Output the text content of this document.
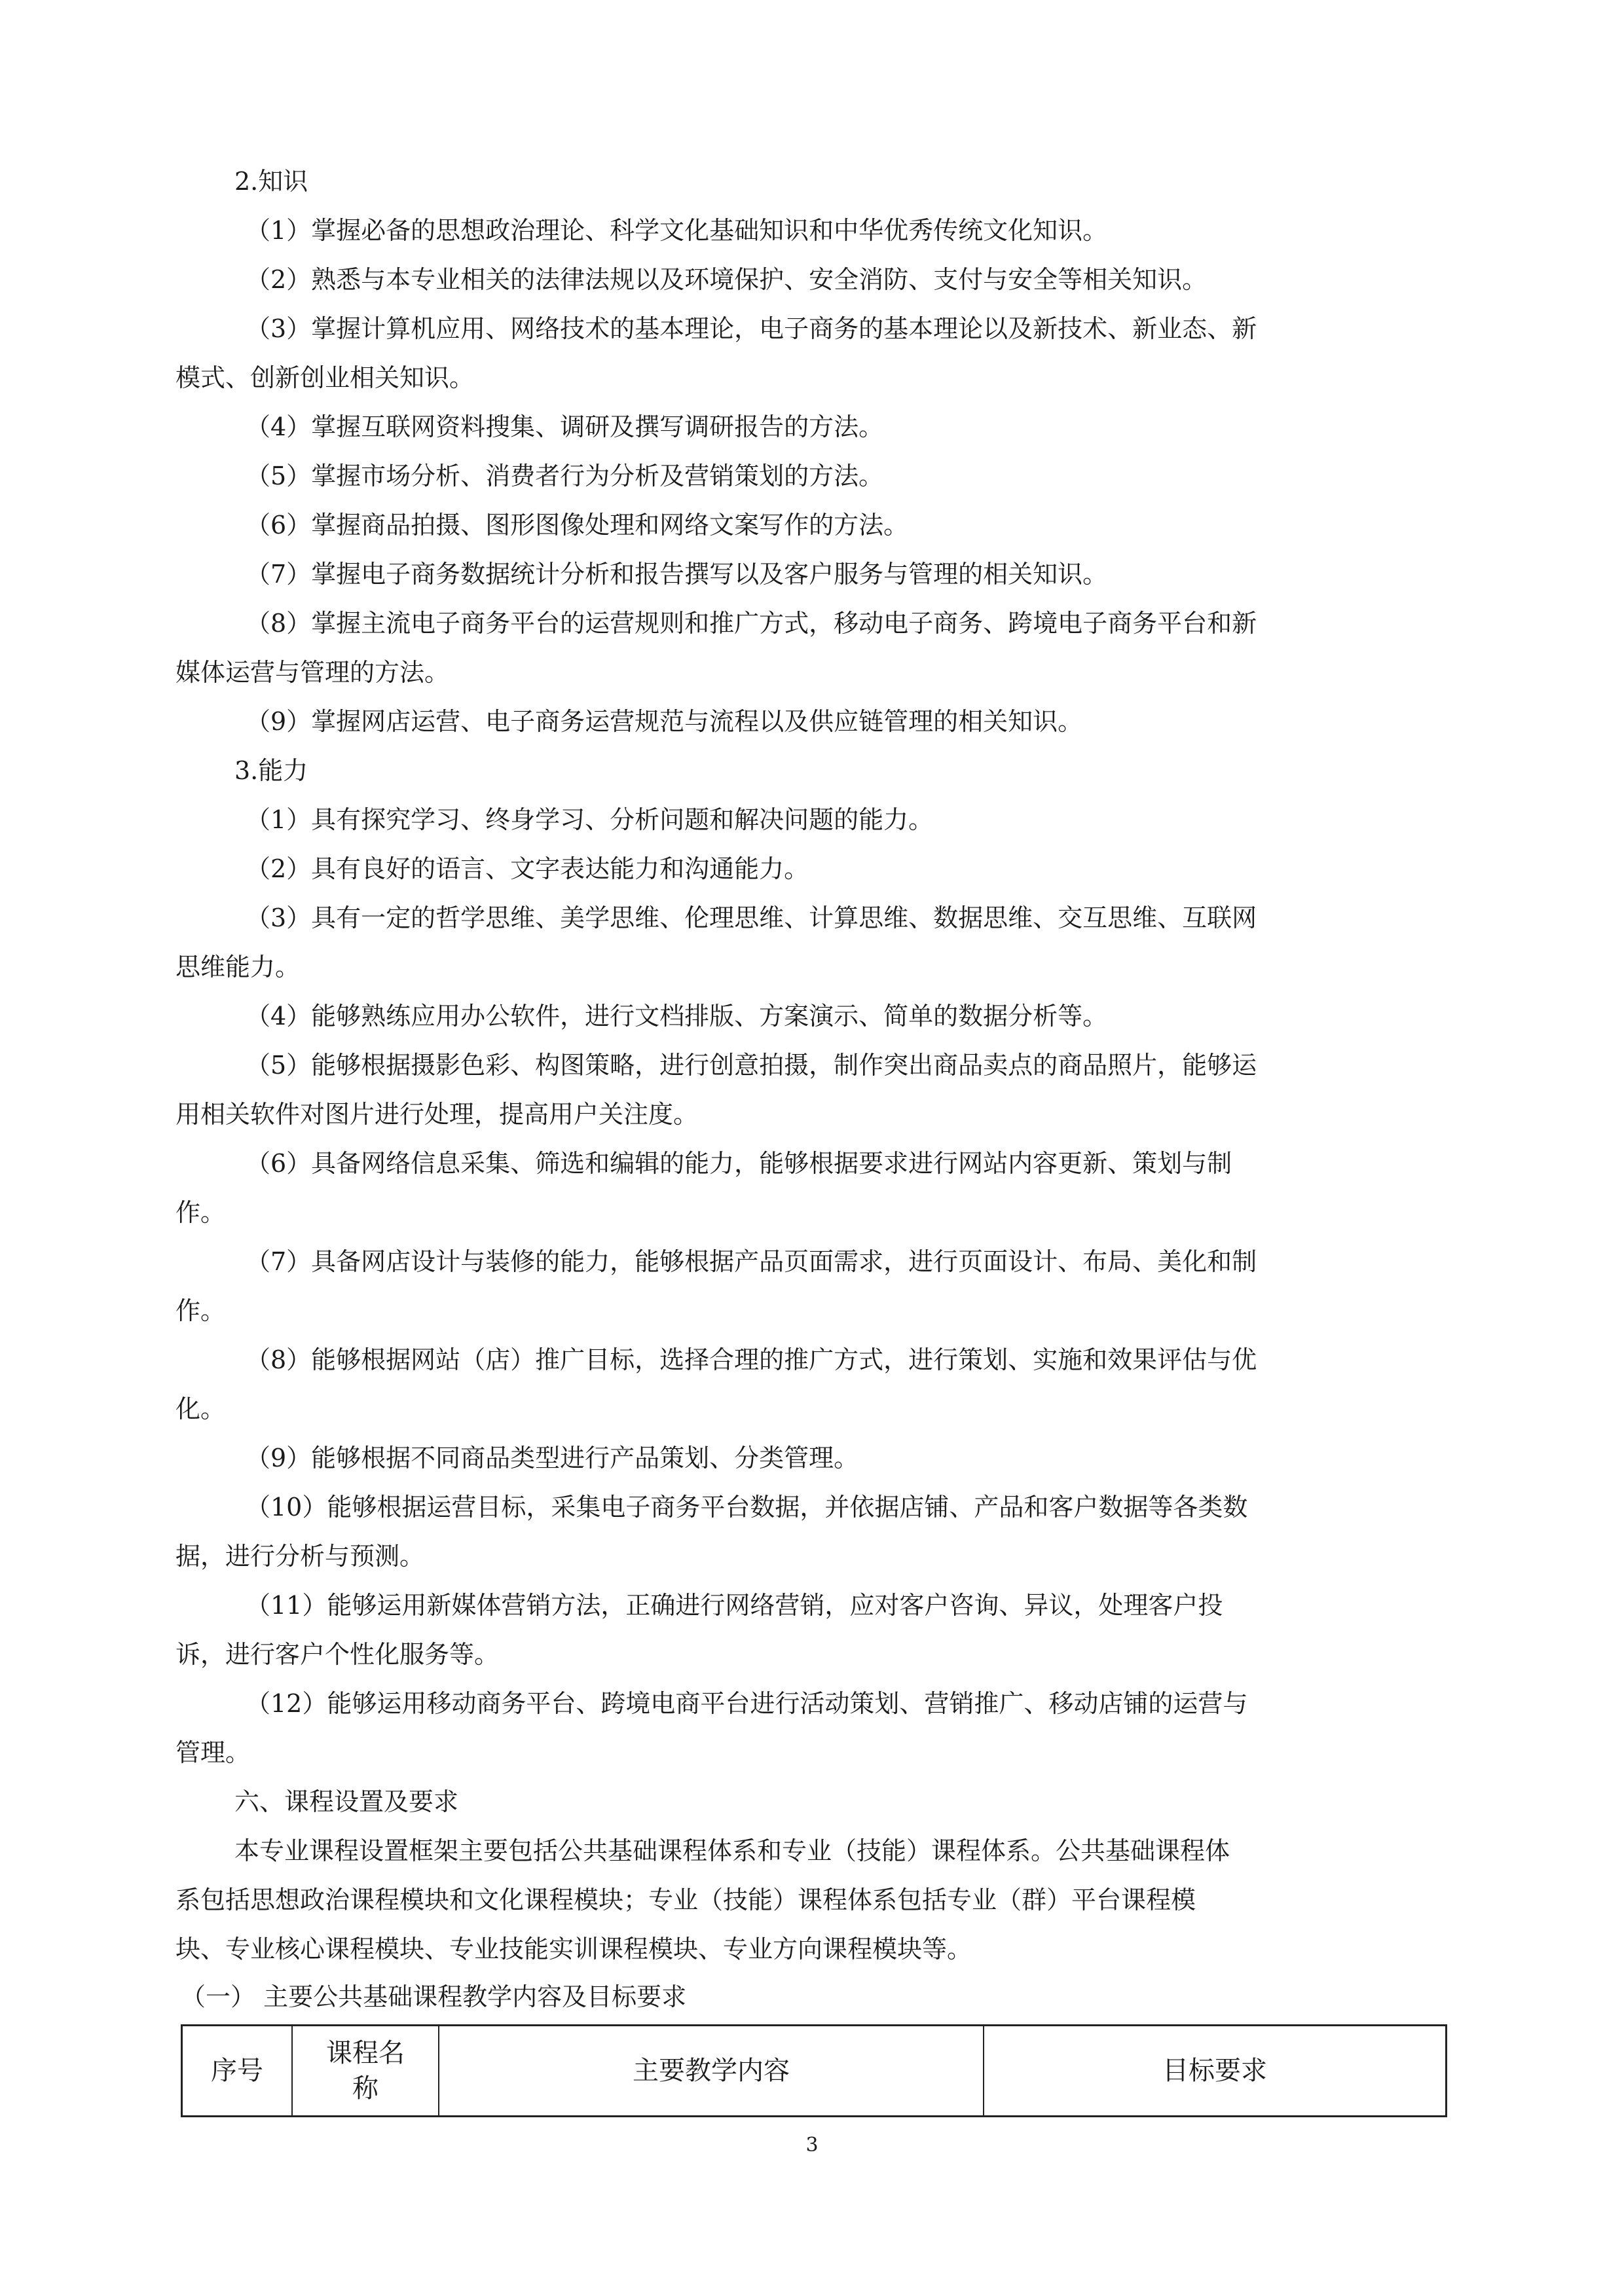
2.知识
（1）掌握必备的思想政治理论、科学文化基础知识和中华优秀传统文化知识。
（2）熟悉与本专业相关的法律法规以及环境保护、安全消防、支付与安全等相关知识。
（3）掌握计算机应用、网络技术的基本理论，电子商务的基本理论以及新技术、新业态、新
模式、创新创业相关知识。
（4）掌握互联网资料搜集、调研及撰写调研报告的方法。
（5）掌握市场分析、消费者行为分析及营销策划的方法。
（6）掌握商品拍摄、图形图像处理和网络文案写作的方法。
（7）掌握电子商务数据统计分析和报告撰写以及客户服务与管理的相关知识。
（8）掌握主流电子商务平台的运营规则和推广方式，移动电子商务、跨境电子商务平台和新
媒体运营与管理的方法。
（9）掌握网店运营、电子商务运营规范与流程以及供应链管理的相关知识。
3.能力
（1）具有探究学习、终身学习、分析问题和解决问题的能力。
（2）具有良好的语言、文字表达能力和沟通能力。
（3）具有一定的哲学思维、美学思维、伦理思维、计算思维、数据思维、交互思维、互联网
思维能力。
（4）能够熟练应用办公软件，进行文档排版、方案演示、简单的数据分析等。
（5）能够根据摄影色彩、构图策略，进行创意拍摄，制作突出商品卖点的商品照片，能够运
用相关软件对图片进行处理，提高用户关注度。
（6）具备网络信息采集、筛选和编辑的能力，能够根据要求进行网站内容更新、策划与制
作。
（7）具备网店设计与装修的能力，能够根据产品页面需求，进行页面设计、布局、美化和制
作。
（8）能够根据网站（店）推广目标，选择合理的推广方式，进行策划、实施和效果评估与优
化。
（9）能够根据不同商品类型进行产品策划、分类管理。
（10）能够根据运营目标，采集电子商务平台数据，并依据店铺、产品和客户数据等各类数
据，进行分析与预测。
（11）能够运用新媒体营销方法，正确进行网络营销，应对客户咨询、异议，处理客户投
诉，进行客户个性化服务等。
（12）能够运用移动商务平台、跨境电商平台进行活动策划、营销推广、移动店铺的运营与
管理。
六、课程设置及要求
本专业课程设置框架主要包括公共基础课程体系和专业（技能）课程体系。公共基础课程体
系包括思想政治课程模块和文化课程模块；专业（技能）课程体系包括专业（群）平台课程模
块、专业核心课程模块、专业技能实训课程模块、专业方向课程模块等。
（一） 主要公共基础课程教学内容及目标要求
序号
课程名称
主要教学内容	目标要求
3
